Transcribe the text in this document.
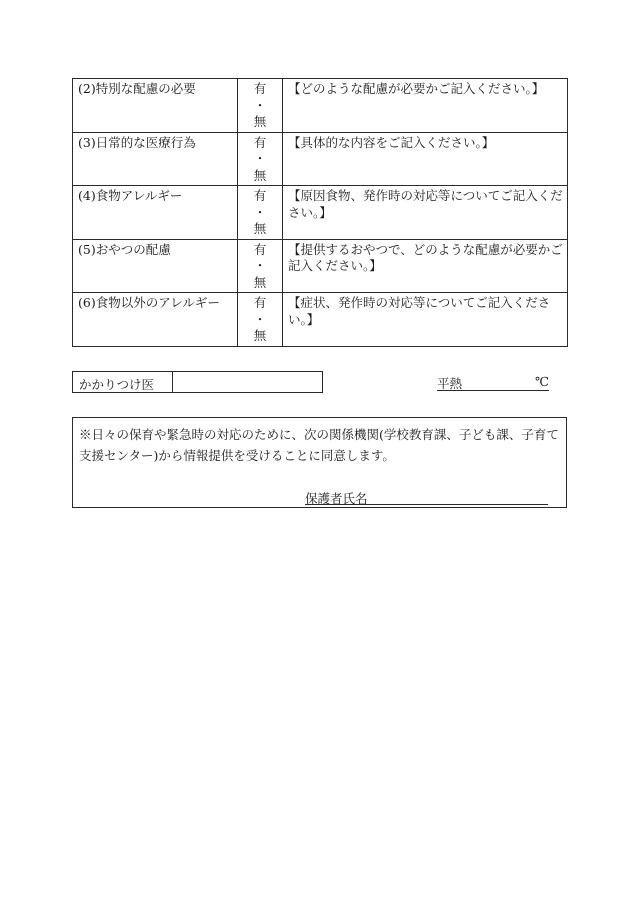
(2)特別な配慮の必要	有
・
無	【どのような配慮が必要かご記入ください。】
(3)日常的な医療行為	有
・
無	【具体的な内容をご記入ください。】
(4)食物アレルギー	有
・
無	【原因食物、発作時の対応等についてご記入ください。】
(5)おやつの配慮	有
・
無	【提供するおやつで、どのような配慮が必要かご記入ください。】
(6)食物以外のアレルギー	有
・
無	【症状、発作時の対応等についてご記入ください。】
かかりつけ医	平熱	℃
※日々の保育や緊急時の対応のために、次の関係機関(学校教育課、子ども課、子育て支援センター)から情報提供を受けることに同意します。
保護者氏名
